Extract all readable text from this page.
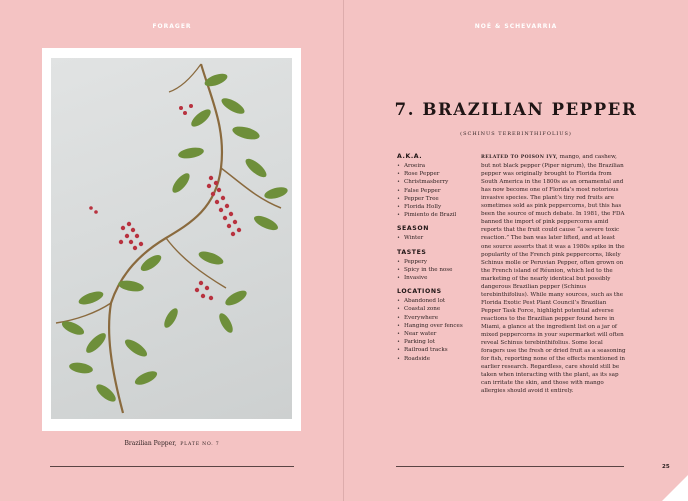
FORAGER
Brazilian Pepper, PLATE NO. 7
NOÉ & SCHEVARRIA
7. BRAZILIAN PEPPER
(SCHINUS TEREBINTHIFOLIUS)
A.K.A.
• Aroeira
• Rose Pepper
• Christmasberry
• False Pepper
• Pepper Tree
• Florida Holly
• Pimiento de Brazil
SEASON
• Winter
TASTES
• Peppery
• Spicy in the nose
• Invasive
LOCATIONS
• Abandoned lot
• Coastal zone
• Everywhere
• Hanging over fences
• Near water
• Parking lot
• Railroad tracks
• Roadside
RELATED TO POISON IVY, mango, and cashew, but not black pepper (Piper nigrum), the Brazilian pepper was originally brought to Florida from South America in the 1800s as an ornamental and has now become one of Florida’s most notorious invasive species. The plant’s tiny red fruits are sometimes sold as pink peppercorns, but this has been the source of much debate. In 1981, the FDA banned the import of pink peppercorns amid reports that the fruit could cause “a severe toxic reaction.” The ban was later lifted, and at least one source asserts that it was a 1980s spike in the popularity of the French pink peppercorns, likely Schinus molle or Peruvian Pepper, often grown on the French island of Réunion, which led to the marketing of the nearly identical but possibly dangerous Brazilian pepper (Schinus terebinthifolius). While many sources, such as the Florida Exotic Pest Plant Council’s Brazilian Pepper Task Force, highlight potential adverse reactions to the Brazilian pepper found here in Miami, a glance at the ingredient list on a jar of mixed peppercorns in your supermarket will often reveal Schinus terebinthifolius. Some local foragers use the fresh or dried fruit as a seasoning for fish, reporting none of the effects mentioned in earlier research. Regardless, care should still be taken when interacting with the plant, as its sap can irritate the skin, and those with mango allergies should avoid it entirely.
25
